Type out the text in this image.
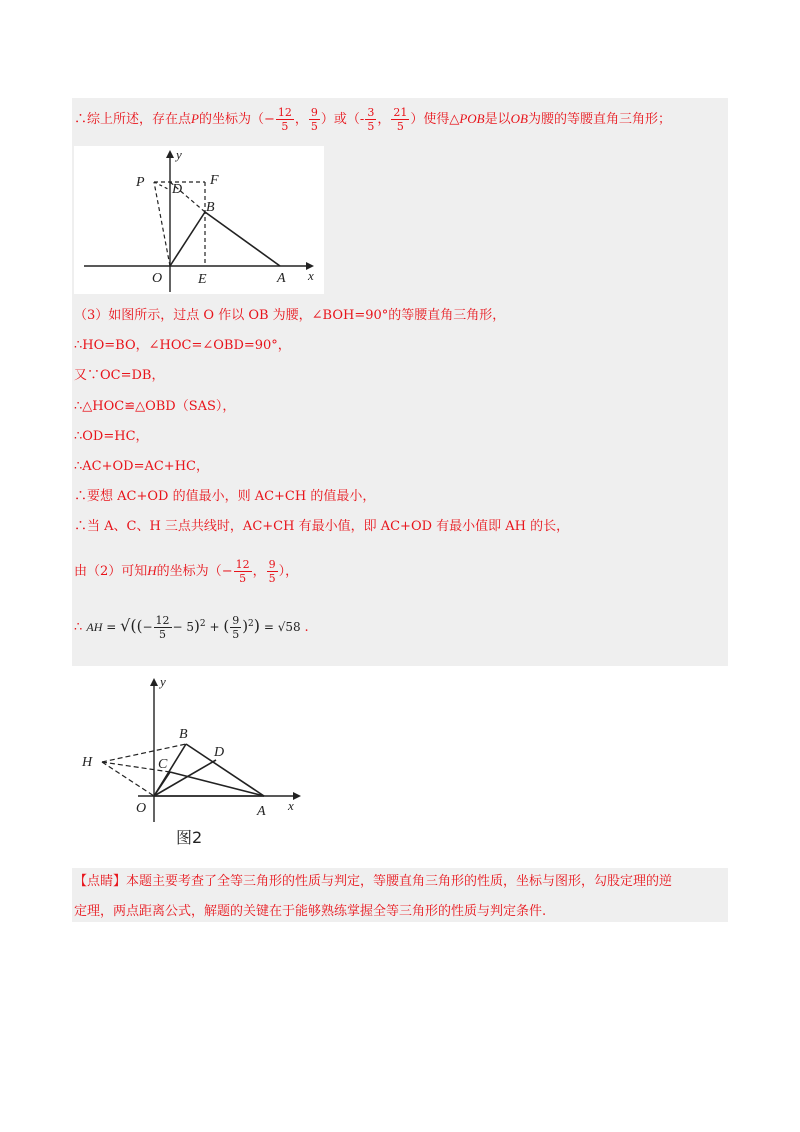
∴综上所述，存在点P的坐标为（− $\frac{12}{5}$ ， $\frac{9}{5}$ ）或（- $\frac{3}{5}$ ， $\frac{21}{5}$ ）使得△POB是以OB为腰的等腰直角三角形；
y
P D
F
B
O	E	A x
（3）如图所示，过点 O 作以 OB 为腰，∠BOH=90°的等腰直角三角形，
∴HO=BO，∠HOC=∠OBD=90°，
又∵OC=DB，
∴△HOC≌△OBD（SAS），
∴OD=HC，
∴AC+OD=AC+HC，
∴要想 AC+OD 的值最小，则 AC+CH 的值最小，
∴当 A、C、H 三点共线时，AC+CH 有最小值，即 AC+OD 有最小值即 AH 的长，
由（2）可知H的坐标为（− $\frac{12}{5}$ ， $\frac{9}{5}$ ），
∴ AH = √((− $\frac{12}{5} - 5)^2$ + ( $\frac{9}{5} )^2) = √58$ .
y
B
D
H	C
O	A x
图2
【点睛】本题主要考查了全等三角形的性质与判定，等腰直角三角形的性质，坐标与图形，勾股定理的逆
定理，两点距离公式，解题的关键在于能够熟练掌握全等三角形的性质与判定条件.
